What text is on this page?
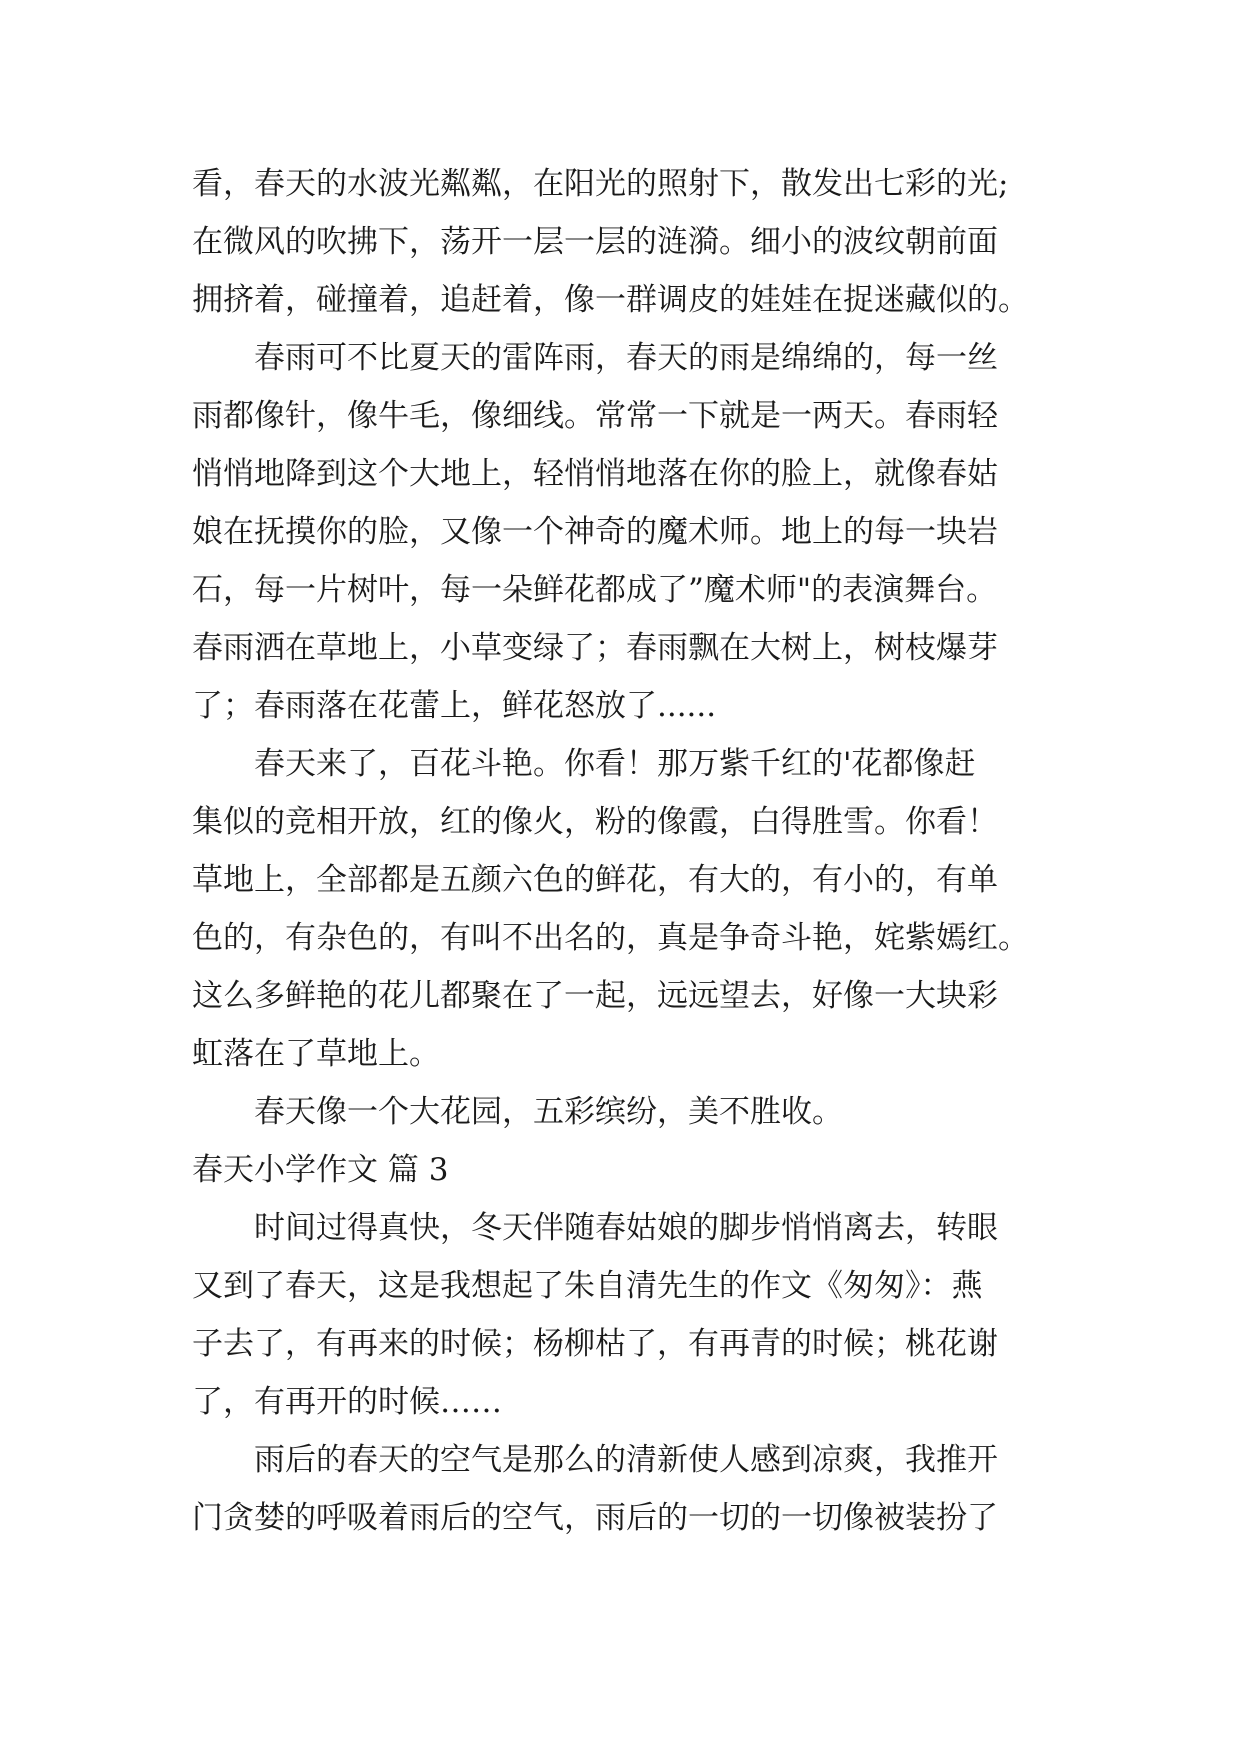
看，春天的水波光粼粼，在阳光的照射下，散发出七彩的光;
在微风的吹拂下，荡开一层一层的涟漪。细小的波纹朝前面
拥挤着，碰撞着，追赶着，像一群调皮的娃娃在捉迷藏似的。
春雨可不比夏天的雷阵雨，春天的雨是绵绵的，每一丝
雨都像针，像牛毛，像细线。常常一下就是一两天。春雨轻
悄悄地降到这个大地上，轻悄悄地落在你的脸上，就像春姑
娘在抚摸你的脸，又像一个神奇的魔术师。地上的每一块岩
石，每一片树叶，每一朵鲜花都成了”魔术师"的表演舞台。
春雨洒在草地上，小草变绿了；春雨飘在大树上，树枝爆芽
了；春雨落在花蕾上，鲜花怒放了......
春天来了，百花斗艳。你看！那万紫千红的'花都像赶
集似的竞相开放，红的像火，粉的像霞，白得胜雪。你看！
草地上，全部都是五颜六色的鲜花，有大的，有小的，有单
色的，有杂色的，有叫不出名的，真是争奇斗艳，姹紫嫣红。
这么多鲜艳的花儿都聚在了一起，远远望去，好像一大块彩
虹落在了草地上。
春天像一个大花园，五彩缤纷，美不胜收。
春天小学作文 篇 3
时间过得真快，冬天伴随春姑娘的脚步悄悄离去，转眼
又到了春天，这是我想起了朱自清先生的作文《匆匆》：燕
子去了，有再来的时候；杨柳枯了，有再青的时候；桃花谢
了，有再开的时候……
雨后的春天的空气是那么的清新使人感到凉爽，我推开
门贪婪的呼吸着雨后的空气，雨后的一切的一切像被装扮了
